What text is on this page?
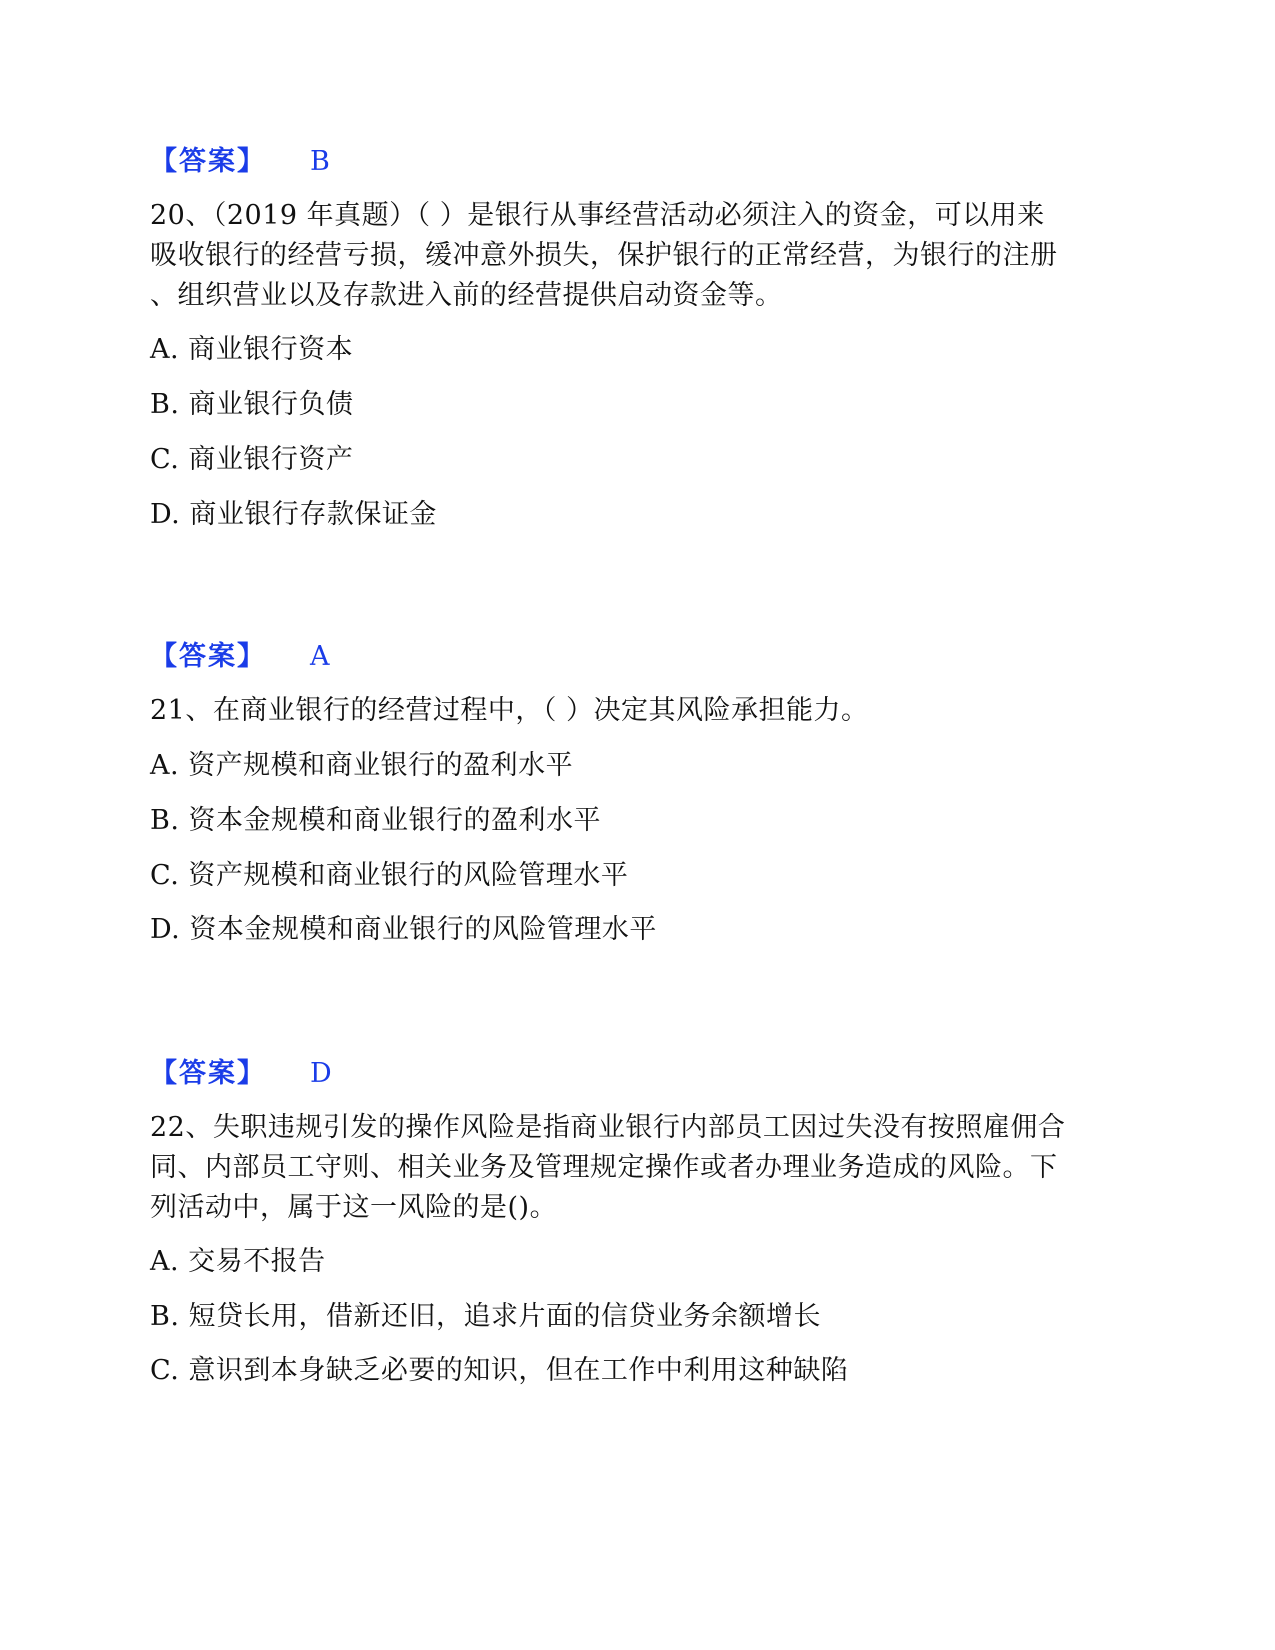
【答案】 B
20、（2019 年真题）（ ）是银行从事经营活动必须注入的资金，可以用来
吸收银行的经营亏损，缓冲意外损失，保护银行的正常经营，为银行的注册
、组织营业以及存款进入前的经营提供启动资金等。
A. 商业银行资本
B. 商业银行负债
C. 商业银行资产
D. 商业银行存款保证金
【答案】 A
21、在商业银行的经营过程中，（ ）决定其风险承担能力。
A. 资产规模和商业银行的盈利水平
B. 资本金规模和商业银行的盈利水平
C. 资产规模和商业银行的风险管理水平
D. 资本金规模和商业银行的风险管理水平
【答案】 D
22、失职违规引发的操作风险是指商业银行内部员工因过失没有按照雇佣合
同、内部员工守则、相关业务及管理规定操作或者办理业务造成的风险。下
列活动中，属于这一风险的是()。
A. 交易不报告
B. 短贷长用，借新还旧，追求片面的信贷业务余额增长
C. 意识到本身缺乏必要的知识，但在工作中利用这种缺陷
